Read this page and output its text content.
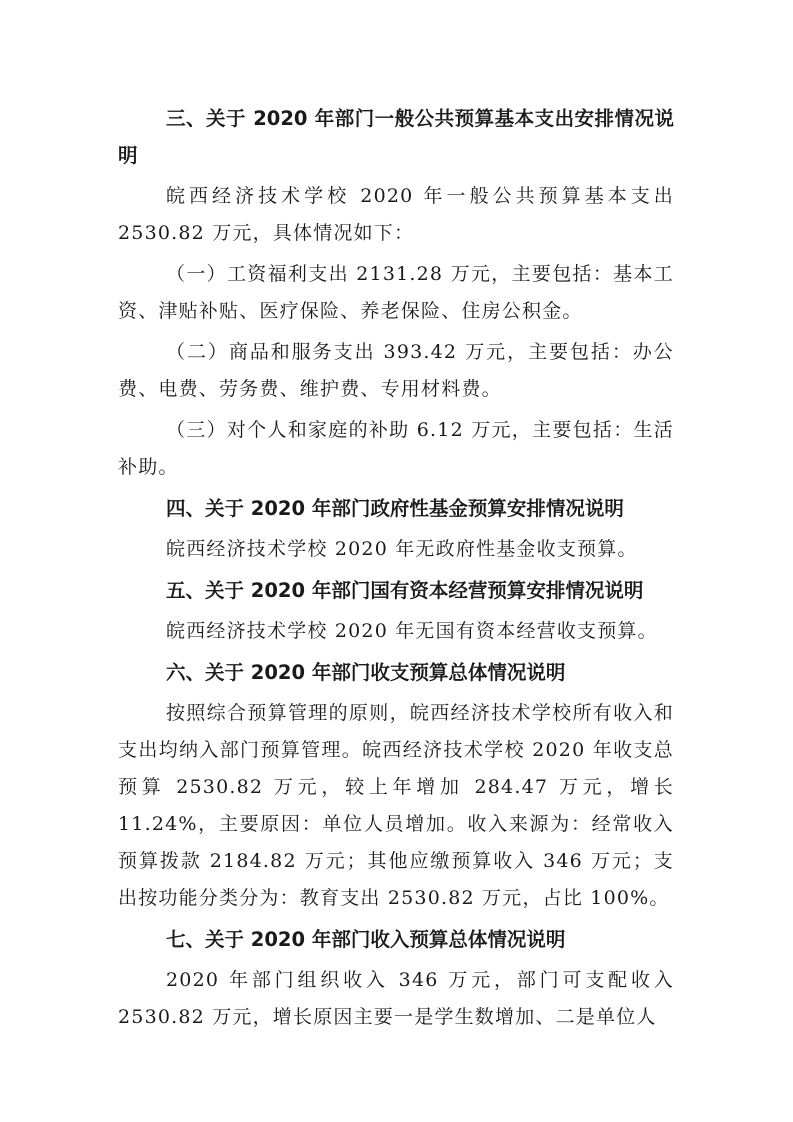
三、关于 2020 年部门一般公共预算基本支出安排情况说明

皖西经济技术学校 2020 年一般公共预算基本支出 2530.82 万元，具体情况如下：

（一）工资福利支出 2131.28 万元，主要包括：基本工资、津贴补贴、医疗保险、养老保险、住房公积金。

（二）商品和服务支出 393.42 万元，主要包括：办公费、电费、劳务费、维护费、专用材料费。

（三）对个人和家庭的补助 6.12 万元，主要包括：生活补助。

四、关于 2020 年部门政府性基金预算安排情况说明

皖西经济技术学校 2020 年无政府性基金收支预算。

五、关于 2020 年部门国有资本经营预算安排情况说明

皖西经济技术学校 2020 年无国有资本经营收支预算。

六、关于 2020 年部门收支预算总体情况说明

按照综合预算管理的原则，皖西经济技术学校所有收入和支出均纳入部门预算管理。皖西经济技术学校 2020 年收支总预算 2530.82 万元，较上年增加 284.47 万元，增长 11.24%，主要原因：单位人员增加。收入来源为：经常收入预算拨款 2184.82 万元；其他应缴预算收入 346 万元；支出按功能分类分为：教育支出 2530.82 万元，占比 100%。

七、关于 2020 年部门收入预算总体情况说明

2020 年部门组织收入 346 万元，部门可支配收入 2530.82 万元，增长原因主要一是学生数增加、二是单位人
